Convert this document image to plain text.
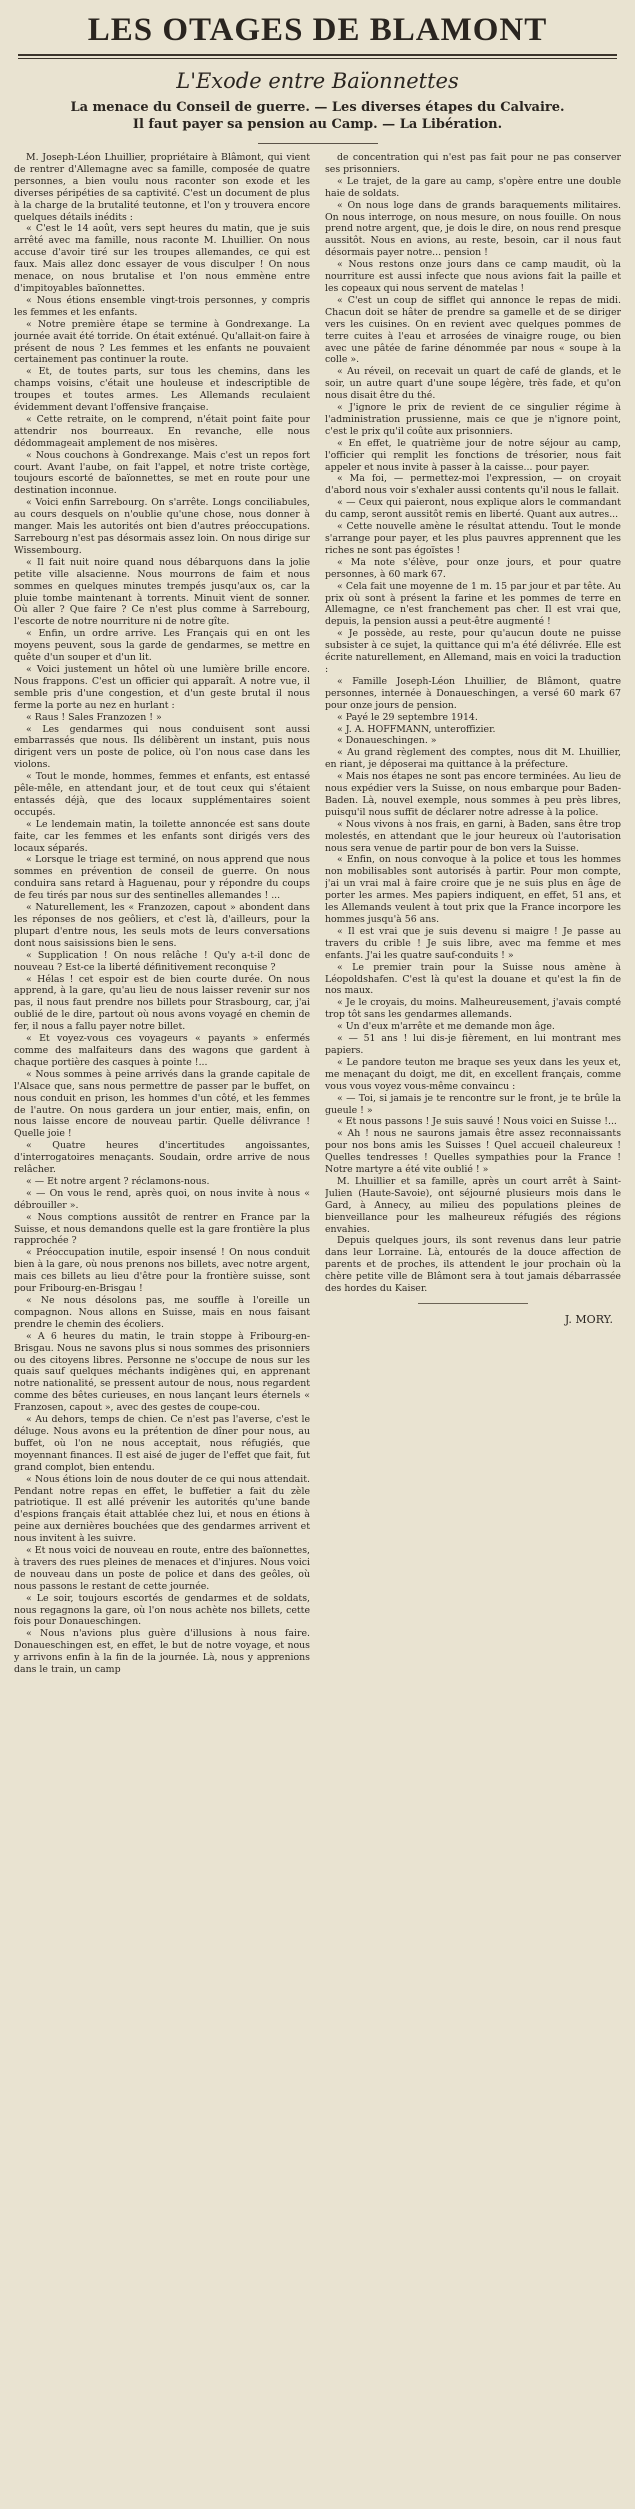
LES OTAGES DE BLAMONT
L'Exode entre Baïonnettes
La menace du Conseil de guerre. — Les diverses étapes du Calvaire.
Il faut payer sa pension au Camp. — La Libération.

M. Joseph-Léon Lhuillier, propriétaire à Blâmont, qui vient de rentrer d'Allemagne avec sa famille, composée de quatre personnes, a bien voulu nous raconter son exode et les diverses péripéties de sa captivité. C'est un document de plus à la charge de la brutalité teutonne, et l'on y trouvera encore quelques détails inédits :

« C'est le 14 août, vers sept heures du matin, que je suis arrêté avec ma famille, nous raconte M. Lhuillier. On nous accuse d'avoir tiré sur les troupes allemandes, ce qui est faux. Mais allez donc essayer de vous disculper ! On nous menace, on nous brutalise et l'on nous emmène entre d'impitoyables baïonnettes.

« Nous étions ensemble vingt-trois personnes, y compris les femmes et les enfants.

« Notre première étape se termine à Gondrexange. La journée avait été torride. On était exténué. Qu'allait-on faire à présent de nous ? Les femmes et les enfants ne pouvaient certainement pas continuer la route.

« Et, de toutes parts, sur tous les chemins, dans les champs voisins, c'était une houleuse et indescriptible de troupes et toutes armes. Les Allemands reculaient évidemment devant l'offensive française.

« Cette retraite, on le comprend, n'était point faite pour attendrir nos bourreaux. En revanche, elle nous dédommageait amplement de nos misères.

« Nous couchons à Gondrexange. Mais c'est un repos fort court. Avant l'aube, on fait l'appel, et notre triste cortège, toujours escorté de baïonnettes, se met en route pour une destination inconnue.

« Voici enfin Sarrebourg. On s'arrête. Longs conciliabules, au cours desquels on n'oublie qu'une chose, nous donner à manger. Mais les autorités ont bien d'autres préoccupations. Sarrebourg n'est pas désormais assez loin. On nous dirige sur Wissembourg.

« Il fait nuit noire quand nous débarquons dans la jolie petite ville alsacienne. Nous mourrons de faim et nous sommes en quelques minutes trempés jusqu'aux os, car la pluie tombe maintenant à torrents. Minuit vient de sonner. Où aller ? Que faire ? Ce n'est plus comme à Sarrebourg, l'escorte de notre nourriture ni de notre gîte.

« Enfin, un ordre arrive. Les Français qui en ont les moyens peuvent, sous la garde de gendarmes, se mettre en quête d'un souper et d'un lit.

« Voici justement un hôtel où une lumière brille encore. Nous frappons. C'est un officier qui apparaît. A notre vue, il semble pris d'une congestion, et d'un geste brutal il nous ferme la porte au nez en hurlant :

« Raus ! Sales Franzozen ! »

« Les gendarmes qui nous conduisent sont aussi embarrassés que nous. Ils délibèrent un instant, puis nous dirigent vers un poste de police, où l'on nous case dans les violons.

« Tout le monde, hommes, femmes et enfants, est entassé pêle-mêle, en attendant jour, et de tout ceux qui s'étaient entassés déjà, que des locaux supplémentaires soient occupés.

« Le lendemain matin, la toilette annoncée est sans doute faite, car les femmes et les enfants sont dirigés vers des locaux séparés.

« Lorsque le triage est terminé, on nous apprend que nous sommes en prévention de conseil de guerre. On nous conduira sans retard à Haguenau, pour y répondre du coups de feu tirés par nous sur des sentinelles allemandes ! ...

« Naturellement, les « Franzozen, capout » abondent dans les réponses de nos geôliers, et c'est là, d'ailleurs, pour la plupart d'entre nous, les seuls mots de leurs conversations dont nous saisissions bien le sens.

« Supplication ! On nous relâche ! Qu'y a-t-il donc de nouveau ? Est-ce la liberté définitivement reconquise ?

« Hélas ! cet espoir est de bien courte durée. On nous apprend, à la gare, qu'au lieu de nous laisser revenir sur nos pas, il nous faut prendre nos billets pour Strasbourg, car, j'ai oublié de le dire, partout où nous avons voyagé en chemin de fer, il nous a fallu payer notre billet.

« Et voyez-vous ces voyageurs « payants » enfermés comme des malfaiteurs dans des wagons que gardent à chaque portière des casques à pointe !...

« Nous sommes à peine arrivés dans la grande capitale de l'Alsace que, sans nous permettre de passer par le buffet, on nous conduit en prison, les hommes d'un côté, et les femmes de l'autre. On nous gardera un jour entier, mais, enfin, on nous laisse encore de nouveau partir. Quelle délivrance ! Quelle joie !

« Quatre heures d'incertitudes angoissantes, d'interrogatoires menaçants. Soudain, ordre arrive de nous relâcher.

« — Et notre argent ? réclamons-nous.

« — On vous le rend, après quoi, on nous invite à nous « débrouiller ».

« Nous comptions aussitôt de rentrer en France par la Suisse, et nous demandons quelle est la gare frontière la plus rapprochée ?

« Préoccupation inutile, espoir insensé ! On nous conduit bien à la gare, où nous prenons nos billets, avec notre argent, mais ces billets au lieu d'être pour la frontière suisse, sont pour Fribourg-en-Brisgau !

« Ne nous désolons pas, me souffle à l'oreille un compagnon. Nous allons en Suisse, mais en nous faisant prendre le chemin des écoliers.

« A 6 heures du matin, le train stoppe à Fribourg-en-Brisgau. Nous ne savons plus si nous sommes des prisonniers ou des citoyens libres. Personne ne s'occupe de nous sur les quais sauf quelques méchants indigènes qui, en apprenant notre nationalité, se pressent autour de nous, nous regardent comme des bêtes curieuses, en nous lançant leurs éternels « Franzosen, capout », avec des gestes de coupe-cou.

« Au dehors, temps de chien. Ce n'est pas l'averse, c'est le déluge. Nous avons eu la prétention de dîner pour nous, au buffet, où l'on ne nous acceptait, nous réfugiés, que moyennant finances. Il est aisé de juger de l'effet que fait, fut grand complot, bien entendu.

« Nous étions loin de nous douter de ce qui nous attendait. Pendant notre repas en effet, le buffetier a fait du zèle patriotique. Il est allé prévenir les autorités qu'une bande d'espions français était attablée chez lui, et nous en étions à peine aux dernières bouchées que des gendarmes arrivent et nous invitent à les suivre.

« Et nous voici de nouveau en route, entre des baïonnettes, à travers des rues pleines de menaces et d'injures. Nous voici de nouveau dans un poste de police et dans des geôles, où nous passons le restant de cette journée.

« Le soir, toujours escortés de gendarmes et de soldats, nous regagnons la gare, où l'on nous achète nos billets, cette fois pour Donaueschingen.

« Nous n'avions plus guère d'illusions à nous faire. Donaueschingen est, en effet, le but de notre voyage, et nous y arrivons enfin à la fin de la journée. Là, nous y apprenions dans le train, un camp

de concentration qui n'est pas fait pour ne pas conserver ses prisonniers.

« Le trajet, de la gare au camp, s'opère entre une double haie de soldats.

« On nous loge dans de grands baraquements militaires. On nous interroge, on nous mesure, on nous fouille. On nous prend notre argent, que, je dois le dire, on nous rend presque aussitôt. Nous en avions, au reste, besoin, car il nous faut désormais payer notre... pension !

« Nous restons onze jours dans ce camp maudit, où la nourriture est aussi infecte que nous avions fait la paille et les copeaux qui nous servent de matelas !

« C'est un coup de sifflet qui annonce le repas de midi. Chacun doit se hâter de prendre sa gamelle et de se diriger vers les cuisines. On en revient avec quelques pommes de terre cuites à l'eau et arrosées de vinaigre rouge, ou bien avec une pâtée de farine dénommée par nous « soupe à la colle ».

« Au réveil, on recevait un quart de café de glands, et le soir, un autre quart d'une soupe légère, très fade, et qu'on nous disait être du thé.

« J'ignore le prix de revient de ce singulier régime à l'administration prussienne, mais ce que je n'ignore point, c'est le prix qu'il coûte aux prisonniers.

« En effet, le quatrième jour de notre séjour au camp, l'officier qui remplit les fonctions de trésorier, nous fait appeler et nous invite à passer à la caisse... pour payer.

« Ma foi, — permettez-moi l'expression, — on croyait d'abord nous voir s'exhaler aussi contents qu'il nous le fallait.

« — Ceux qui paieront, nous explique alors le commandant du camp, seront aussitôt remis en liberté. Quant aux autres...

« Cette nouvelle amène le résultat attendu. Tout le monde s'arrange pour payer, et les plus pauvres apprennent que les riches ne sont pas égoïstes !

« Ma note s'élève, pour onze jours, et pour quatre personnes, à 60 mark 67.

« Cela fait une moyenne de 1 m. 15 par jour et par tête. Au prix où sont à présent la farine et les pommes de terre en Allemagne, ce n'est franchement pas cher. Il est vrai que, depuis, la pension aussi a peut-être augmenté !

« Je possède, au reste, pour qu'aucun doute ne puisse subsister à ce sujet, la quittance qui m'a été délivrée. Elle est écrite naturellement, en Allemand, mais en voici la traduction :

« Famille Joseph-Léon Lhuillier, de Blâmont, quatre personnes, internée à Donaueschingen, a versé 60 mark 67 pour onze jours de pension.

« Payé le 29 septembre 1914.

« J. A. HOFFMANN, unteroffizier.

« Donaueschingen. »

« Au grand règlement des comptes, nous dit M. Lhuillier, en riant, je déposerai ma quittance à la préfecture.

« Mais nos étapes ne sont pas encore terminées. Au lieu de nous expédier vers la Suisse, on nous embarque pour Baden-Baden. Là, nouvel exemple, nous sommes à peu près libres, puisqu'il nous suffit de déclarer notre adresse à la police.

« Nous vivons à nos frais, en garni, à Baden, sans être trop molestés, en attendant que le jour heureux où l'autorisation nous sera venue de partir pour de bon vers la Suisse.

« Enfin, on nous convoque à la police et tous les hommes non mobilisables sont autorisés à partir. Pour mon compte, j'ai un vrai mal à faire croire que je ne suis plus en âge de porter les armes. Mes papiers indiquent, en effet, 51 ans, et les Allemands veulent à tout prix que la France incorpore les hommes jusqu'à 56 ans.

« Il est vrai que je suis devenu si maigre ! Je passe au travers du crible ! Je suis libre, avec ma femme et mes enfants. J'ai les quatre sauf-conduits ! »

« Le premier train pour la Suisse nous amène à Léopoldshafen. C'est là qu'est la douane et qu'est la fin de nos maux.

« Je le croyais, du moins. Malheureusement, j'avais compté trop tôt sans les gendarmes allemands.

« Un d'eux m'arrête et me demande mon âge.

« — 51 ans ! lui dis-je fièrement, en lui montrant mes papiers.

« Le pandore teuton me braque ses yeux dans les yeux et, me menaçant du doigt, me dit, en excellent français, comme vous vous voyez vous-même convaincu :

« — Toi, si jamais je te rencontre sur le front, je te brûle la gueule ! »

« Et nous passons ! Je suis sauvé ! Nous voici en Suisse !...

« Ah ! nous ne saurons jamais être assez reconnaissants pour nos bons amis les Suisses ! Quel accueil chaleureux ! Quelles tendresses ! Quelles sympathies pour la France ! Notre martyre a été vite oublié ! »

M. Lhuillier et sa famille, après un court arrêt à Saint-Julien (Haute-Savoie), ont séjourné plusieurs mois dans le Gard, à Annecy, au milieu des populations pleines de bienveillance pour les malheureux réfugiés des régions envahies.

Depuis quelques jours, ils sont revenus dans leur patrie dans leur Lorraine. Là, entourés de la douce affection de parents et de proches, ils attendent le jour prochain où la chère petite ville de Blâmont sera à tout jamais débarrassée des hordes du Kaiser.

J. MORY.
